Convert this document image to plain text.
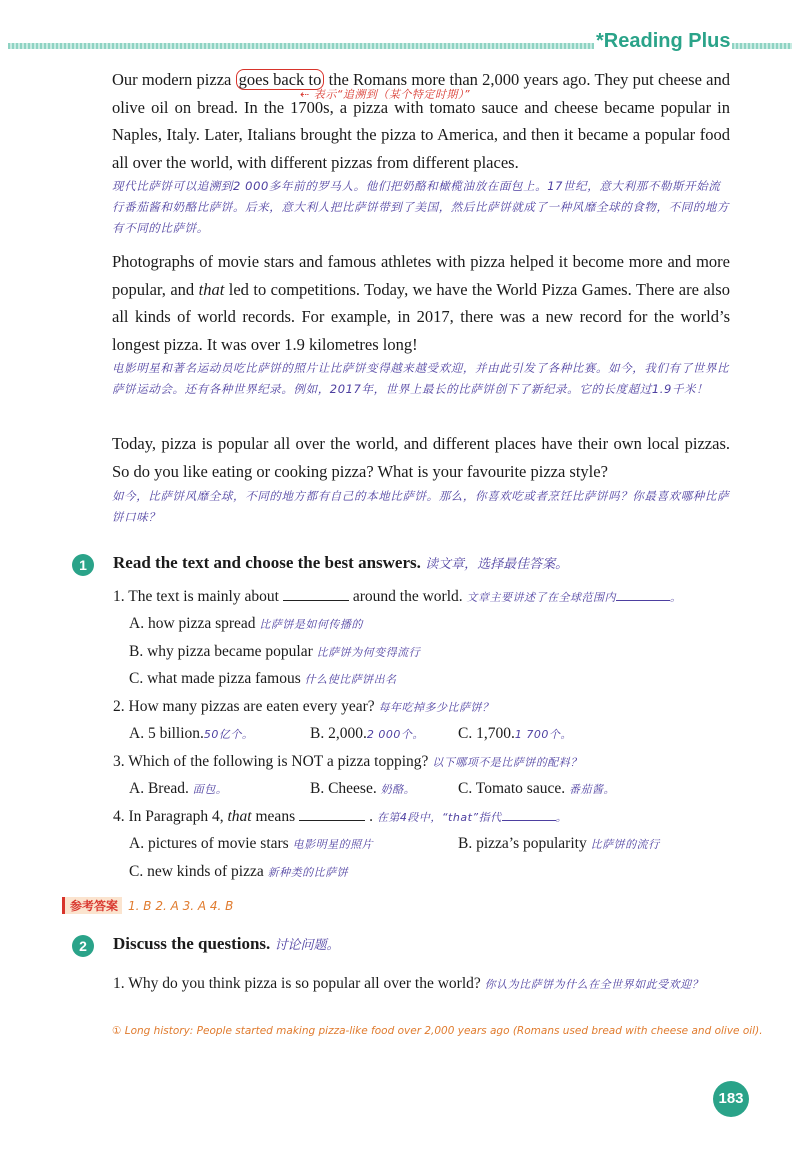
*Reading Plus
Our modern pizza goes back to the Romans more than 2,000 years ago. They put cheese and olive oil on bread. In the 1700s, a pizza with tomato sauce and cheese became popular in Naples, Italy. Later, Italians brought the pizza to America, and then it became a popular food all over the world, with different pizzas from different places.
⇠ 表示“追溯到（某个特定时期）”
现代比萨饼可以追溯到2 000多年前的罗马人。他们把奶酪和橄榄油放在面包上。17世纪，意大利那不勒斯开始流行番茄酱和奶酪比萨饼。后来，意大利人把比萨饼带到了美国，然后比萨饼就成了一种风靡全球的食物，不同的地方有不同的比萨饼。
Photographs of movie stars and famous athletes with pizza helped it become more and more popular, and that led to competitions. Today, we have the World Pizza Games. There are also all kinds of world records. For example, in 2017, there was a new record for the world’s longest pizza. It was over 1.9 kilometres long!
电影明星和著名运动员吃比萨饼的照片让比萨饼变得越来越受欢迎，并由此引发了各种比赛。如今，我们有了世界比萨饼运动会。还有各种世界纪录。例如，2017年，世界上最长的比萨饼创下了新纪录。它的长度超过1.9千米！
Today, pizza is popular all over the world, and different places have their own local pizzas. So do you like eating or cooking pizza? What is your favourite pizza style?
如今，比萨饼风靡全球，不同的地方都有自己的本地比萨饼。那么，你喜欢吃或者烹饪比萨饼吗？你最喜欢哪种比萨饼口味？
1	Read the text and choose the best answers. 读文章，选择最佳答案。
1. The text is mainly about	around the world. 文章主要讲述了在全球范围内	。
A. how pizza spread 比萨饼是如何传播的
B. why pizza became popular 比萨饼为何变得流行
C. what made pizza famous 什么使比萨饼出名
2. How many pizzas are eaten every year? 每年吃掉多少比萨饼？
A. 5 billion.50亿个。	B. 2,000.2 000个。 C. 1,700.1 700个。
3. Which of the following is NOT a pizza topping? 以下哪项不是比萨饼的配料？
A. Bread. 面包。	B. Cheese. 奶酪。	C. Tomato sauce. 番茄酱。
4. In Paragraph 4, that means	. 在第4段中，“that”指代	。
A. pictures of movie stars 电影明星的照片	B. pizza’s popularity 比萨饼的流行
C. new kinds of pizza 新种类的比萨饼
参考答案 1. B 2. A 3. A 4. B
2	Discuss the questions. 讨论问题。
1. Why do you think pizza is so popular all over the world? 你认为比萨饼为什么在全世界如此受欢迎？
① Long history: People started making pizza-like food over 2,000 years ago (Romans used bread with cheese and olive oil).
183
